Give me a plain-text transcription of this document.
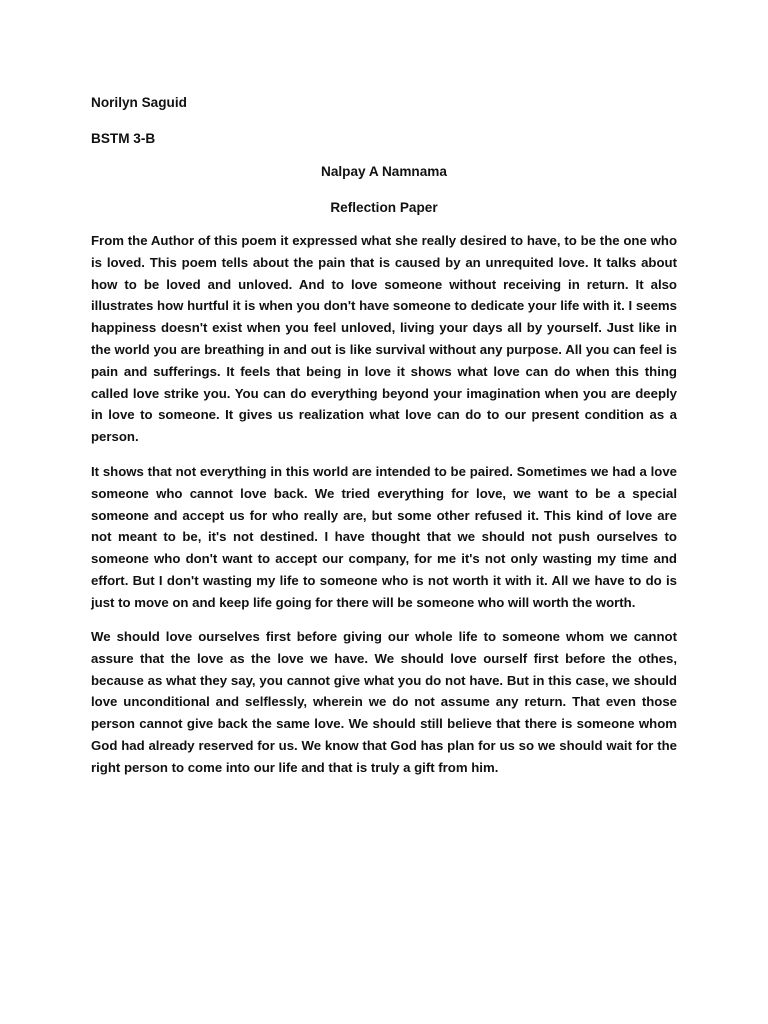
Norilyn Saguid

BSTM 3-B

Nalpay A Namnama

Reflection Paper

From the Author of this poem it expressed what she really desired to have, to be the one who is loved. This poem tells about the pain that is caused by an unrequited love. It talks about how to be loved and unloved. And to love someone without receiving in return. It also illustrates how hurtful it is when you don't have someone to dedicate your life with it. I seems happiness doesn't exist when you feel unloved, living your days all by yourself. Just like in the world you are breathing in and out is like survival without any purpose. All you can feel is pain and sufferings. It feels that being in love it shows what love can do when this thing called love strike you. You can do everything beyond your imagination when you are deeply in love to someone. It gives us realization what love can do to our present condition as a person.

It shows that not everything in this world are intended to be paired. Sometimes we had a love someone who cannot love back. We tried everything for love, we want to be a special someone and accept us for who really are, but some other refused it. This kind of love are not meant to be, it's not destined. I have thought that we should not push ourselves to someone who don't want to accept our company, for me it's not only wasting my time and effort. But I don't wasting my life to someone who is not worth it with it. All we have to do is just to move on and keep life going for there will be someone who will worth the worth.

We should love ourselves first before giving our whole life to someone whom we cannot assure that the love as the love we have. We should love ourself first before the othes, because as what they say, you cannot give what you do not have. But in this case, we should love unconditional and selflessly, wherein we do not assume any return. That even those person cannot give back the same love. We should still believe that there is someone whom God had already reserved for us. We know that God has plan for us so we should wait for the right person to come into our life and that is truly a gift from him.
